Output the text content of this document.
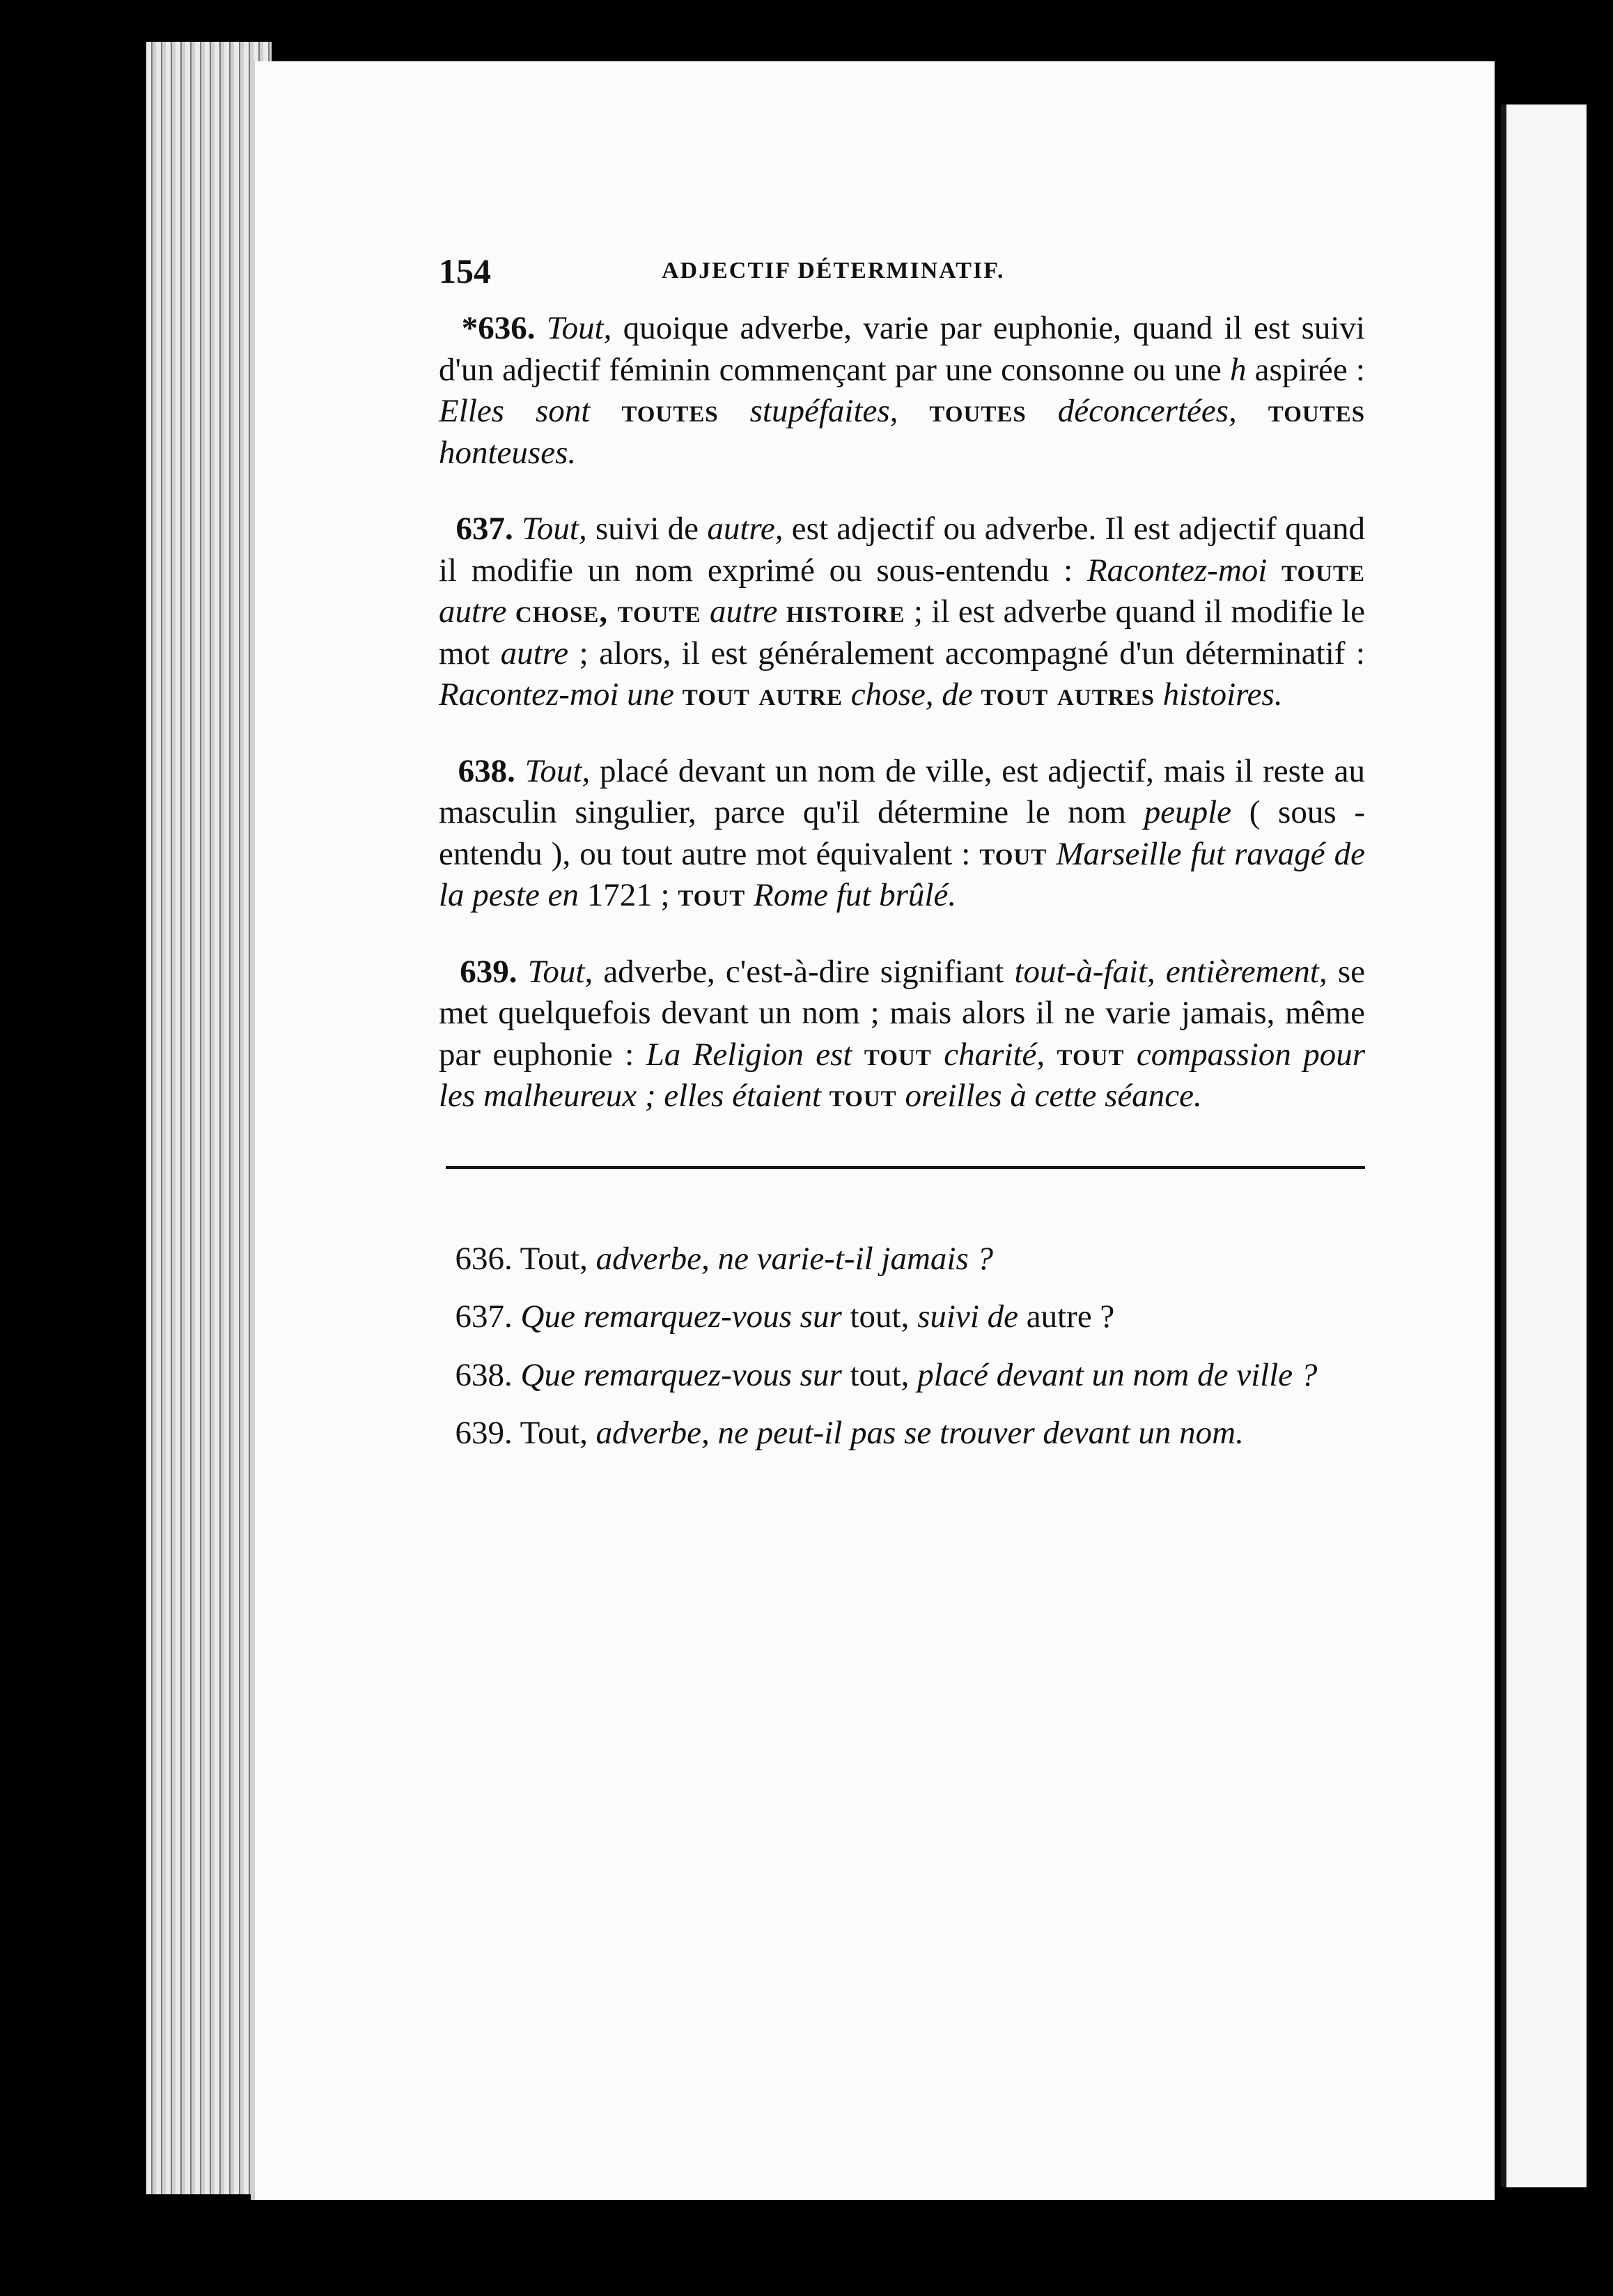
154	ADJECTIF DÉTERMINATIF.

*636. Tout, quoique adverbe, varie par euphonie, quand il est suivi d'un adjectif féminin commençant par une consonne ou une h aspirée : Elles sont toutes stupéfaites, toutes déconcertées, toutes honteuses.

637. Tout, suivi de autre, est adjectif ou adverbe. Il est adjectif quand il modifie un nom exprimé ou sous-entendu : Racontez-moi toute autre chose, toute autre histoire ; il est adverbe quand il modifie le mot autre ; alors, il est généralement accompagné d'un déterminatif : Racontez-moi une tout autre chose, de tout autres histoires.

638. Tout, placé devant un nom de ville, est adjectif, mais il reste au masculin singulier, parce qu'il détermine le nom peuple ( sous - entendu ), ou tout autre mot équivalent : tout Marseille fut ravagé de la peste en 1721 ; tout Rome fut brûlé.

639. Tout, adverbe, c'est-à-dire signifiant tout-à-fait, entièrement, se met quelquefois devant un nom ; mais alors il ne varie jamais, même par euphonie : La Religion est tout charité, tout compassion pour les malheureux ; elles étaient tout oreilles à cette séance.

636. Tout, adverbe, ne varie-t-il jamais ?

637. Que remarquez-vous sur tout, suivi de autre ?

638. Que remarquez-vous sur tout, placé devant un nom de ville ?

639. Tout, adverbe, ne peut-il pas se trouver devant un nom.
